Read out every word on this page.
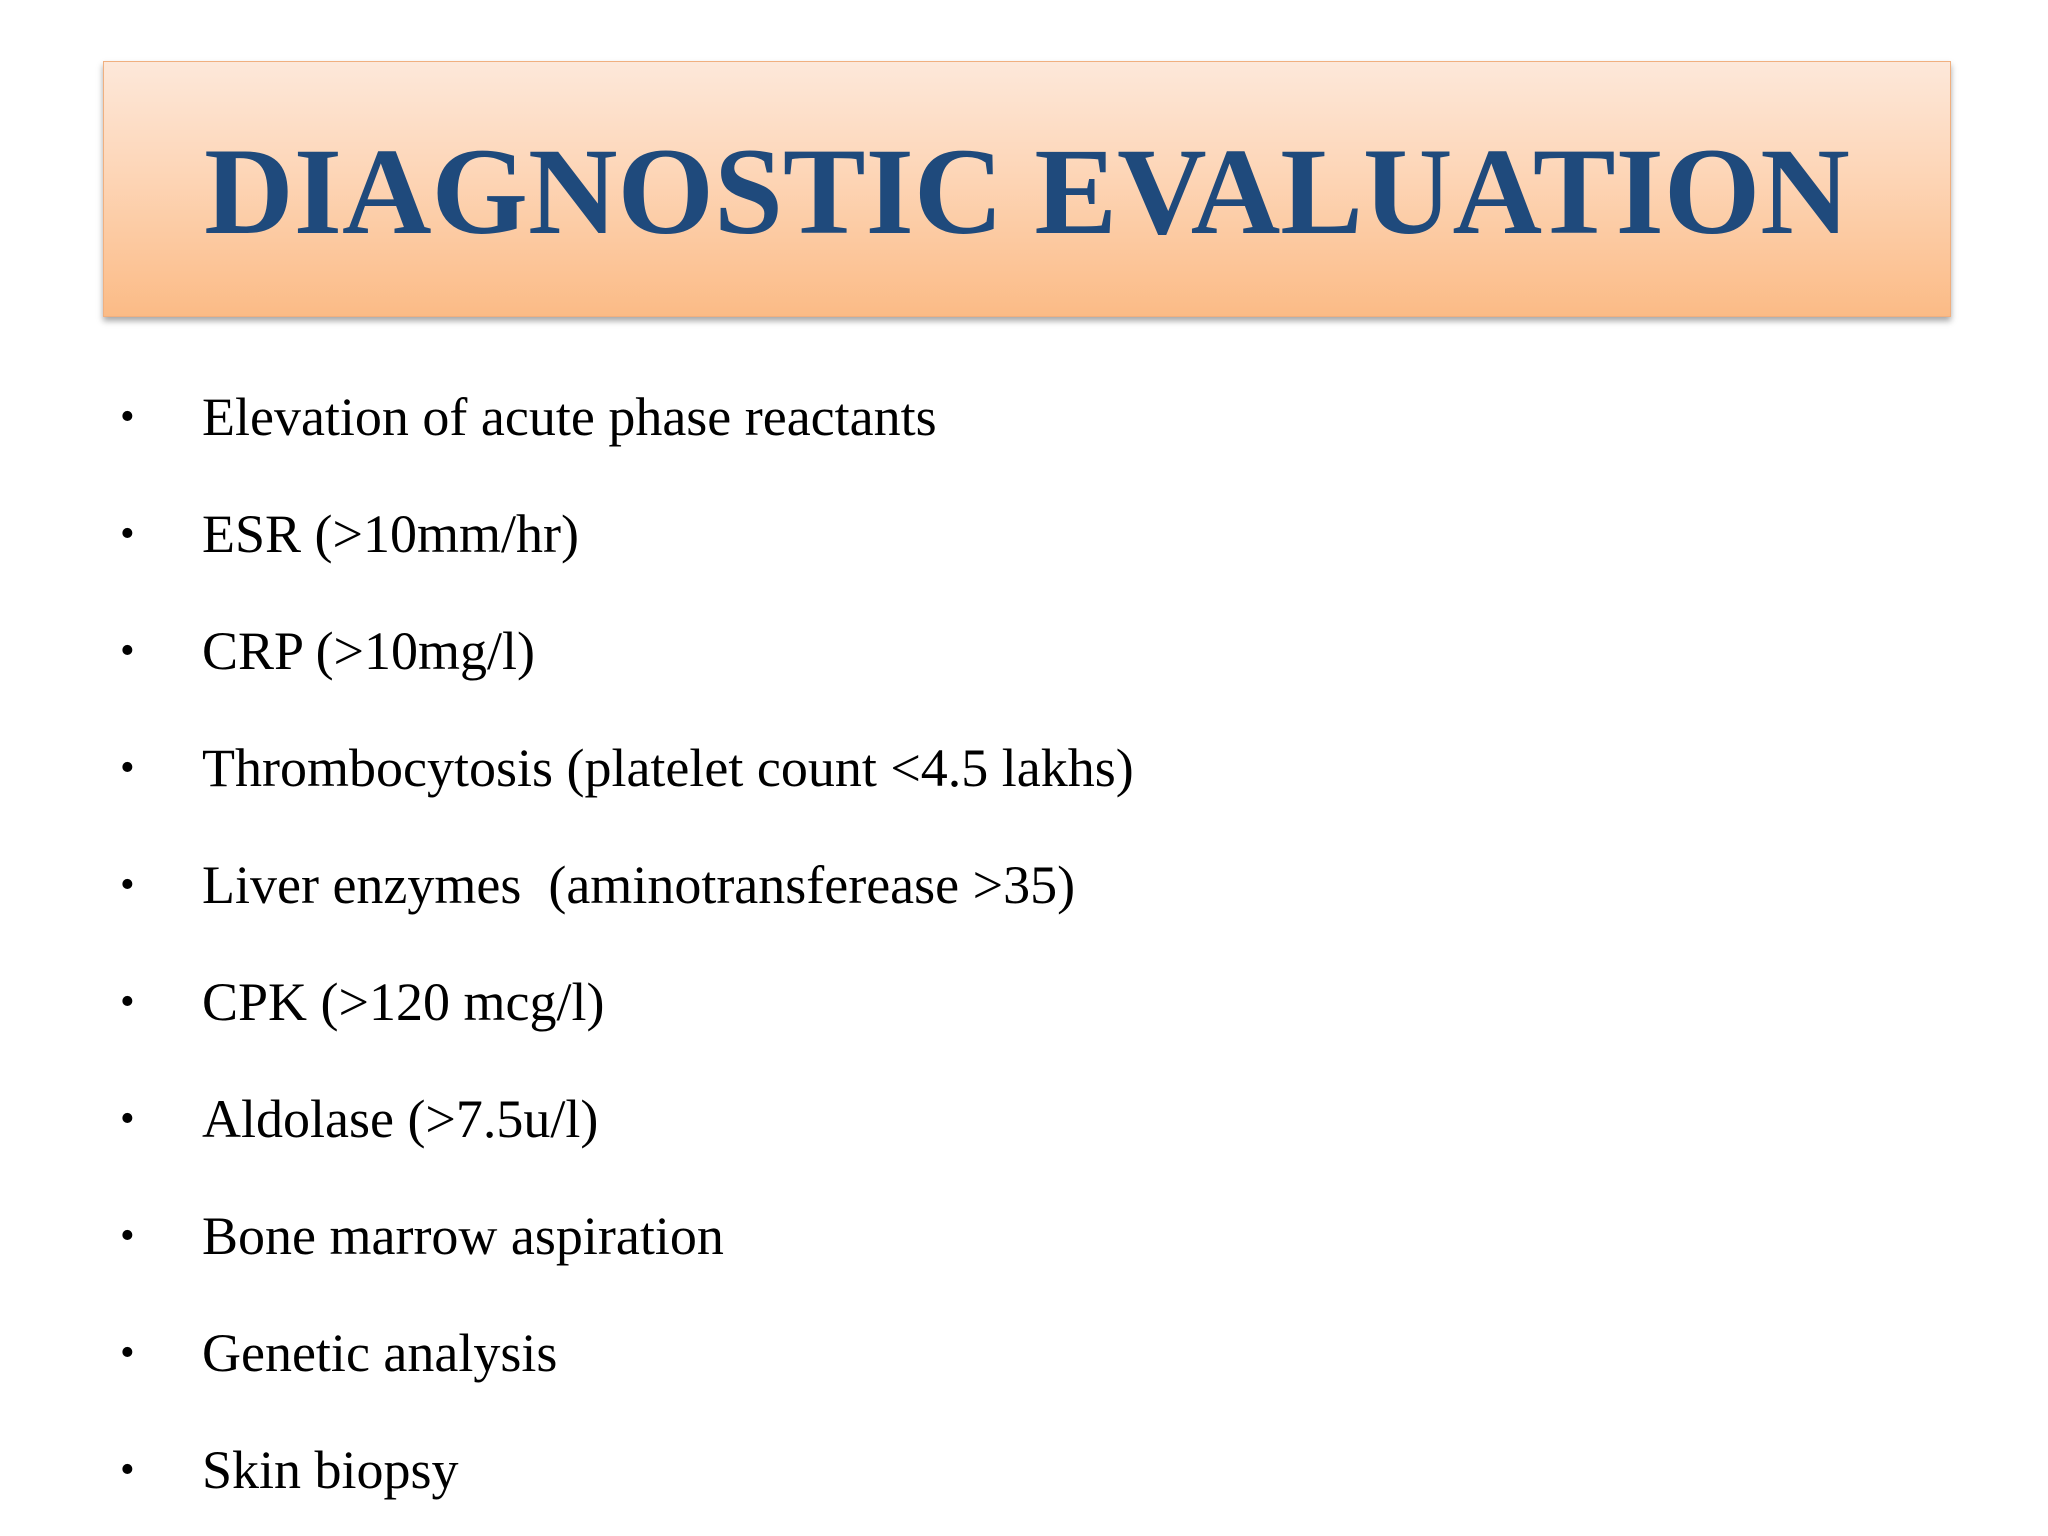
DIAGNOSTIC EVALUATION
•	Elevation of acute phase reactants
•	ESR (>10mm/hr)
•	CRP (>10mg/l)
•	Thrombocytosis (platelet count <4.5 lakhs)
•	Liver enzymes  (aminotransferease >35)
•	CPK (>120 mcg/l)
•	Aldolase (>7.5u/l)
•	Bone marrow aspiration
•	Genetic analysis
•	Skin biopsy
